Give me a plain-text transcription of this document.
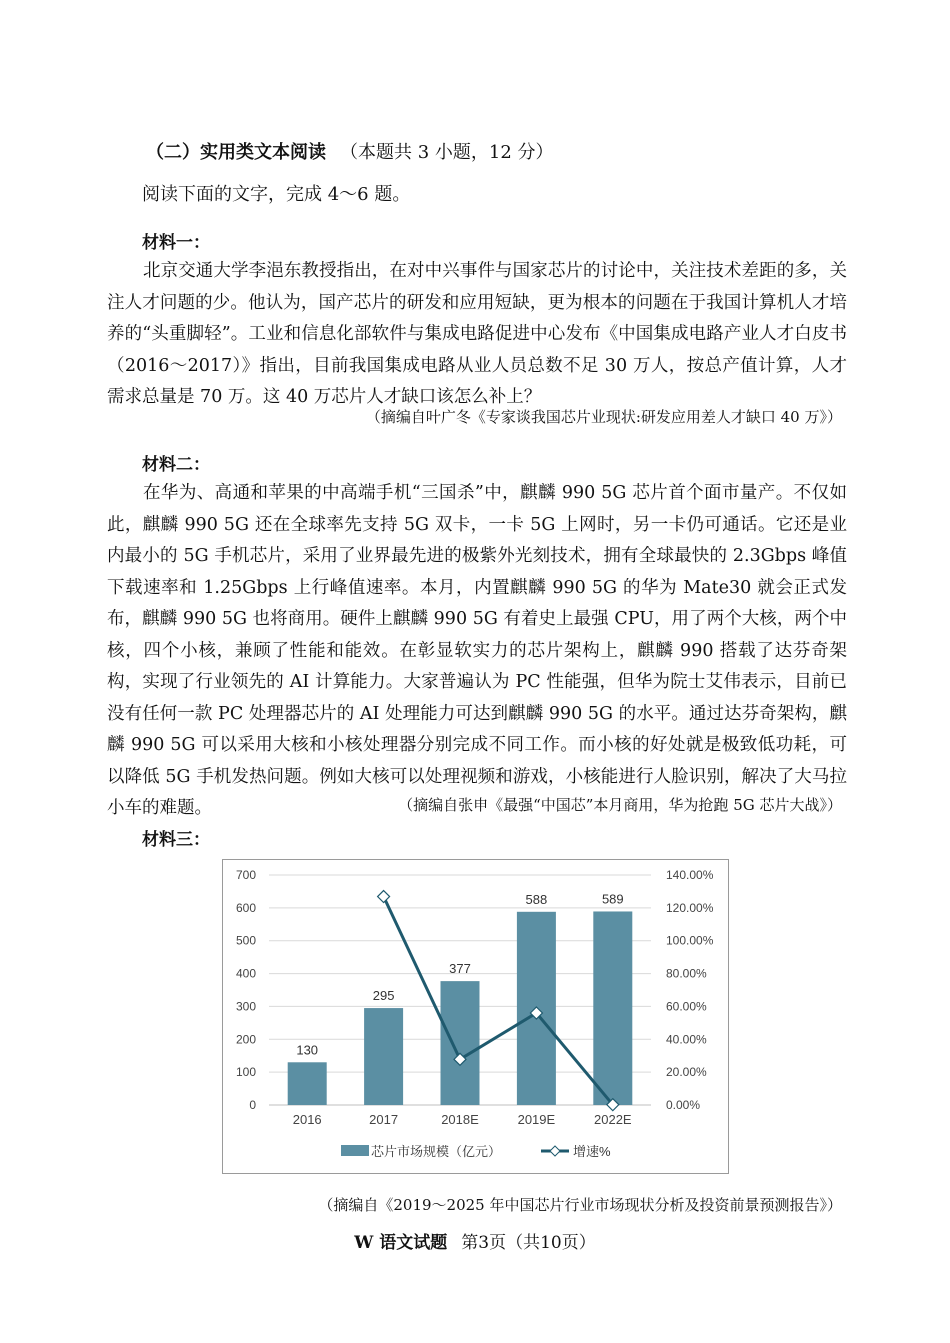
（二）实用类文本阅读 （本题共 3 小题，12 分）
阅读下面的文字，完成 4～6 题。
材料一：

北京交通大学李浥东教授指出，在对中兴事件与国家芯片的讨论中，关注技术差距的多，关注人才问题的少。他认为，国产芯片的研发和应用短缺，更为根本的问题在于我国计算机人才培养的“头重脚轻”。工业和信息化部软件与集成电路促进中心发布《中国集成电路产业人才白皮书（2016～2017）》指出，目前我国集成电路从业人员总数不足 30 万人，按总产值计算，人才需求总量是 70 万。这 40 万芯片人才缺口该怎么补上？

（摘编自叶广冬《专家谈我国芯片业现状:研发应用差人才缺口 40 万》）
材料二：

在华为、高通和苹果的中高端手机“三国杀”中，麒麟 990 5G 芯片首个面市量产。不仅如此，麒麟 990 5G 还在全球率先支持 5G 双卡，一卡 5G 上网时，另一卡仍可通话。它还是业内最小的 5G 手机芯片，采用了业界最先进的极紫外光刻技术，拥有全球最快的 2.3Gbps 峰值下载速率和 1.25Gbps 上行峰值速率。本月，内置麒麟 990 5G 的华为 Mate30 就会正式发布，麒麟 990 5G 也将商用。硬件上麒麟 990 5G 有着史上最强 CPU，用了两个大核，两个中核，四个小核，兼顾了性能和能效。在彰显软实力的芯片架构上，麒麟 990 搭载了达芬奇架构，实现了行业领先的 AI 计算能力。大家普遍认为 PC 性能强，但华为院士艾伟表示，目前已没有任何一款 PC 处理器芯片的 AI 处理能力可达到麒麟 990 5G 的水平。通过达芬奇架构，麒麟 990 5G 可以采用大核和小核处理器分别完成不同工作。而小核的好处就是极致低功耗，可以降低 5G 手机发热问题。例如大核可以处理视频和游戏，小核能进行人脸识别，解决了大马拉小车的难题。	（摘编自张申《最强“中国芯”本月商用，华为抢跑 5G 芯片大战》）
材料三：
0
100
200
300
400
500
600
700
0.00%
20.00%
40.00%
60.00%
80.00%
100.00%
120.00%
140.00%
130
295
377
588	589
2016	2017	2018E	2019E	2022E
芯片市场规模（亿元）	增速%
（摘编自《2019～2025 年中国芯片行业市场现状分析及投资前景预测报告》）
W 语文试题 第3页（共10页）
